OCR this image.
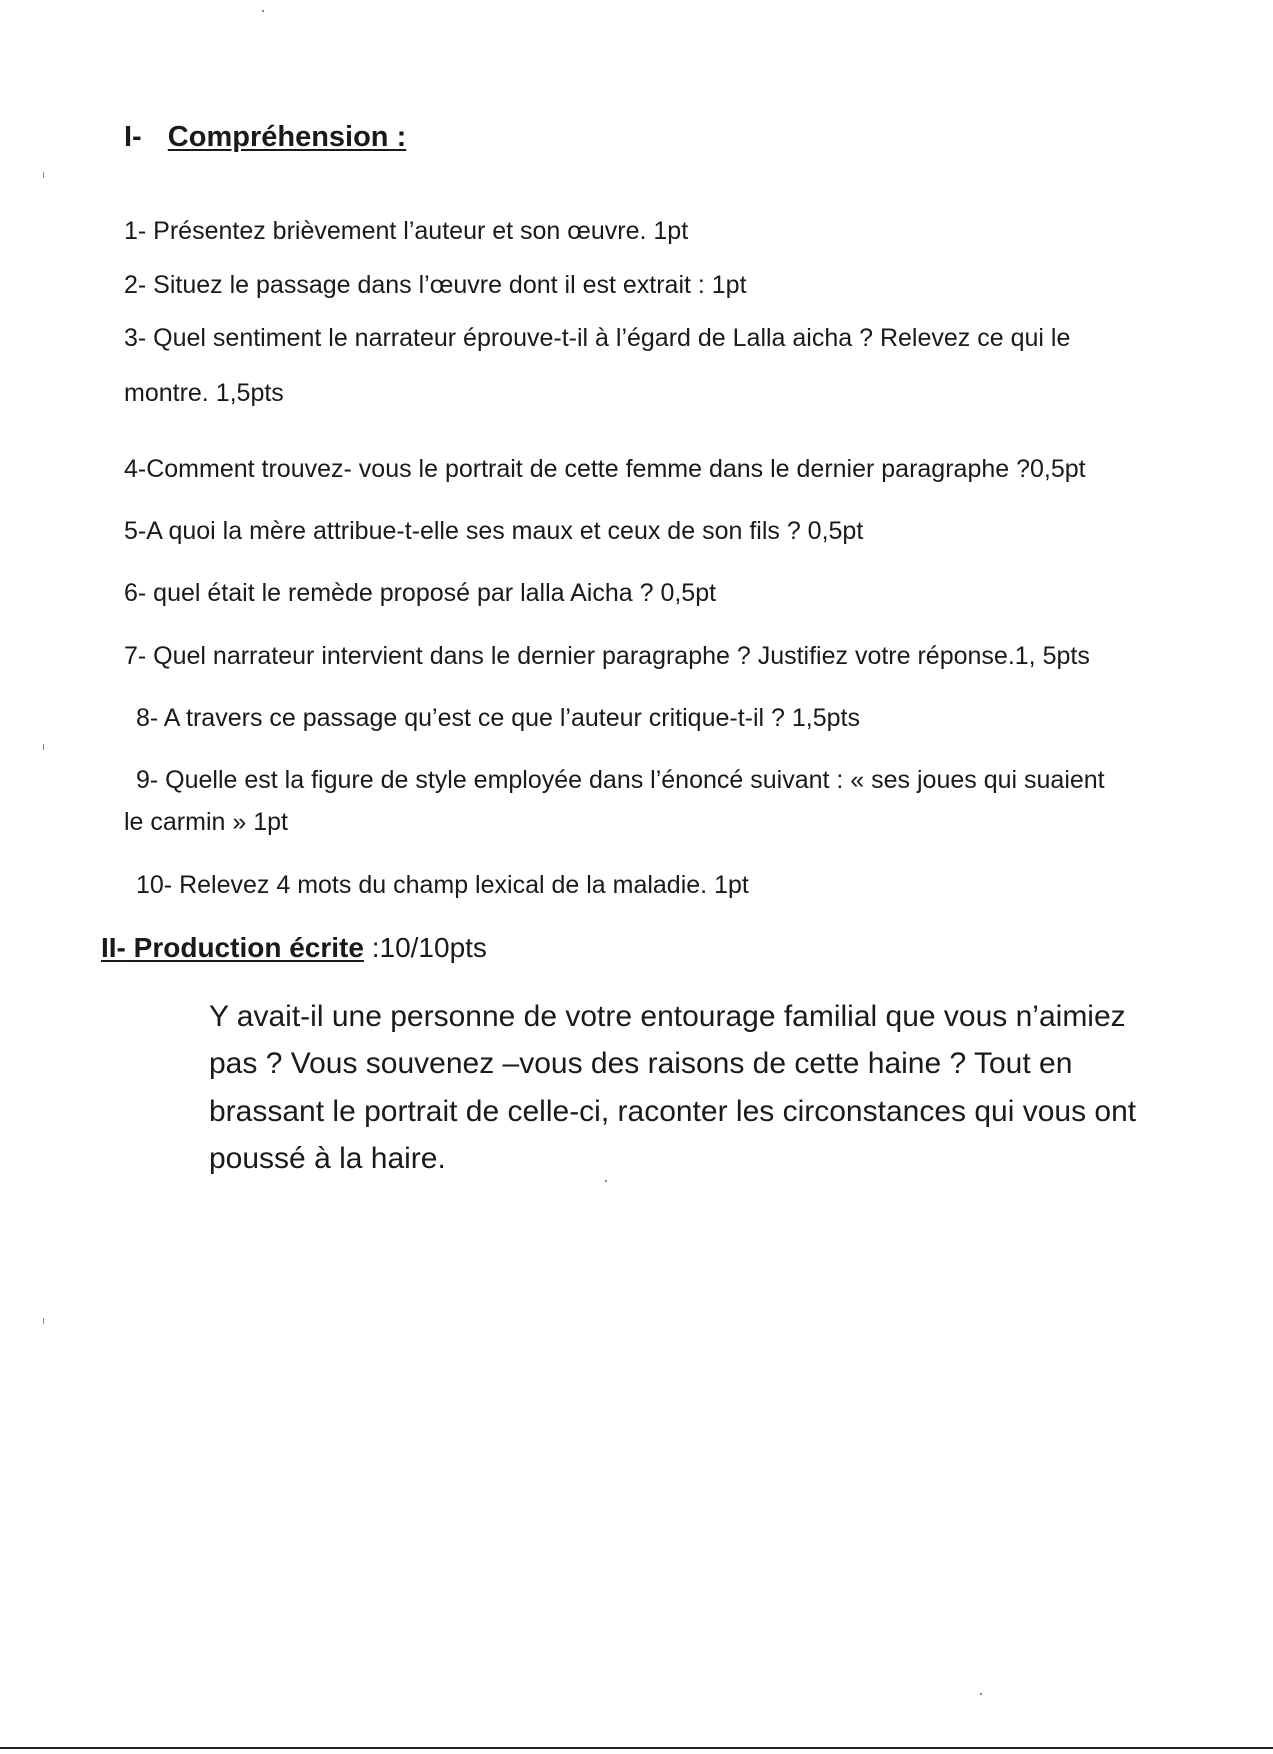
I- Compréhension :
1- Présentez brièvement l’auteur et son œuvre. 1pt
2- Situez le passage dans l’œuvre dont il est extrait : 1pt
3- Quel sentiment le narrateur éprouve-t-il à l’égard de Lalla aicha ? Relevez ce qui le
montre. 1,5pts
4-Comment trouvez- vous le portrait de cette femme dans le dernier paragraphe ?0,5pt
5-A quoi la mère attribue-t-elle ses maux et ceux de son fils ? 0,5pt
6- quel était le remède proposé par lalla Aicha ? 0,5pt
7- Quel narrateur intervient dans le dernier paragraphe ? Justifiez votre réponse.1, 5pts
8- A travers ce passage qu’est ce que l’auteur critique-t-il ? 1,5pts
9- Quelle est la figure de style employée dans l’énoncé suivant : « ses joues qui suaient
le carmin » 1pt
10- Relevez 4 mots du champ lexical de la maladie. 1pt
II- Production écrite :10/10pts
Y avait-il une personne de votre entourage familial que vous n’aimiez
pas ? Vous souvenez –vous des raisons de cette haine ? Tout en
brassant le portrait de celle-ci, raconter les circonstances qui vous ont
poussé à la haire.
